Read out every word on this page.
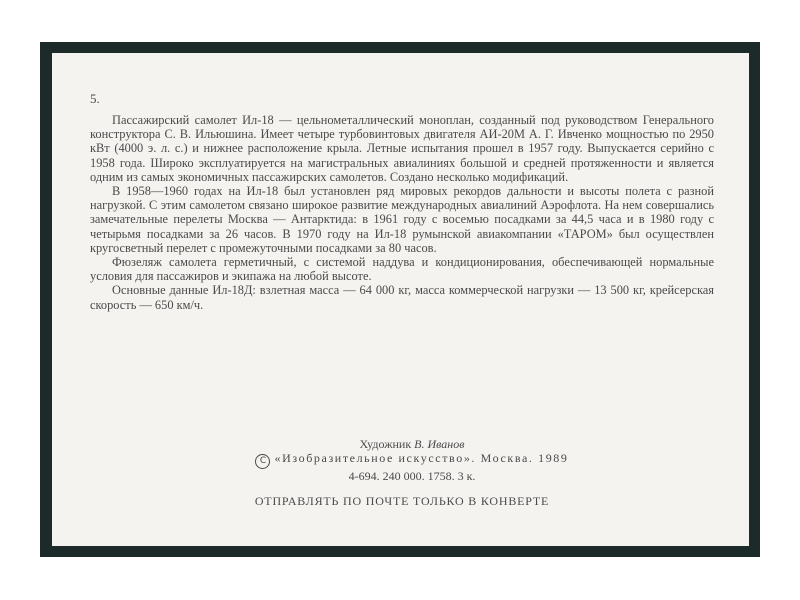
5.

Пассажирский самолет Ил-18 — цельнометаллический моноплан, созданный под руководством Генерального конструктора С. В. Ильюшина. Имеет четыре турбовинтовых двигателя АИ-20М А. Г. Ивченко мощностью по 2950 кВт (4000 э. л. с.) и нижнее расположение крыла. Летные испытания прошел в 1957 году. Выпускается серийно с 1958 года. Широко эксплуатируется на магистральных авиалиниях большой и средней протяженности и является одним из самых экономичных пассажирских самолетов. Создано несколько модификаций.

В 1958—1960 годах на Ил-18 был установлен ряд мировых рекордов дальности и высоты полета с разной нагрузкой. С этим самолетом связано широкое развитие международных авиалиний Аэрофлота. На нем совершались замечательные перелеты Москва — Антарктида: в 1961 году с восемью посадками за 44,5 часа и в 1980 году с четырьмя посадками за 26 часов. В 1970 году на Ил-18 румынской авиакомпании «ТАРОМ» был осуществлен кругосветный перелет с промежуточными посадками за 80 часов.

Фюзеляж самолета герметичный, с системой наддува и кондиционирования, обеспечивающей нормальные условия для пассажиров и экипажа на любой высоте.

Основные данные Ил-18Д: взлетная масса — 64 000 кг, масса коммерческой нагрузки — 13 500 кг, крейсерская скорость — 650 км/ч.

Художник В. Иванов
C «Изобразительное искусство». Москва. 1989
4-694. 240 000. 1758. 3 к.
ОТПРАВЛЯТЬ ПО ПОЧТЕ ТОЛЬКО В КОНВЕРТЕ
